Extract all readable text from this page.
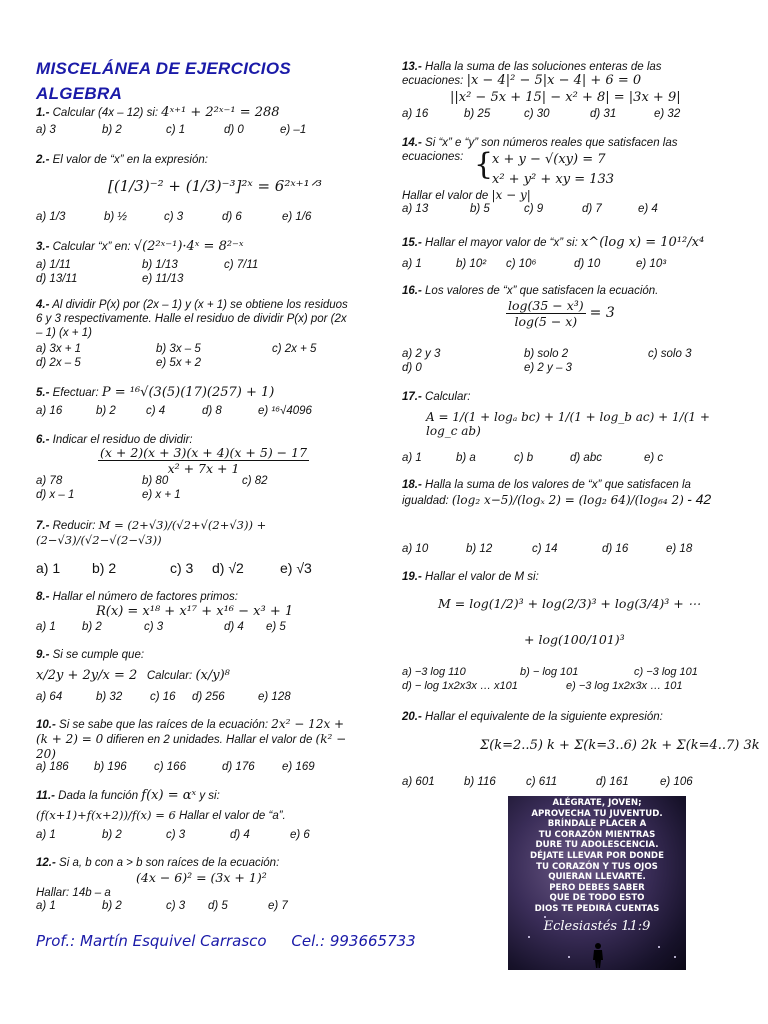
MISCELÁNEA DE EJERCICIOS
ALGEBRA
1.- Calcular (4x – 12) si: 4ˣ⁺¹ + 2²ˣ⁻¹ = 288
a) 3	b) 2	c) 1	d) 0	e) –1
2.- El valor de “x” en la expresión:
[(1/3)⁻² + (1/3)⁻³]²ˣ = 6²ˣ⁺¹ᐟ³
a) 1/3	b) ½	c) 3	d) 6	e) 1/6
3.- Calcular “x” en: √(2²ˣ⁻¹)·4ˣ = 8²⁻ˣ
a) 1/11	b) 1/13	c) 7/11
d) 13/11	e) 11/13
4.- Al dividir P(x) por (2x – 1) y (x + 1) se obtiene los residuos 6 y 3 respectivamente. Halle el residuo de dividir P(x) por (2x – 1) (x + 1)
a) 3x + 1	b) 3x – 5	c) 2x + 5
d) 2x – 5	e) 5x + 2
5.- Efectuar: P = ¹⁶√(3(5)(17)(257) + 1)
a) 16	b) 2	c) 4	d) 8	e) ¹⁶√4096
6.- Indicar el residuo de dividir:
$\frac{(x + 2)(x + 3)(x + 4)(x + 5) - 17}{\text{x² + 7x + 1}}$
a) 78	b) 80	c) 82
d) x – 1	e) x + 1
7.- Reducir: M = (2+√3)/(√2+√(2+√3)) + (2−√3)/(√2−√(2−√3))
a) 1 b) 2	c) 3 d) √2	e) √3
8.- Hallar el número de factores primos:
R(x) = x¹⁸ + x¹⁷ + x¹⁶ − x³ + 1
a) 1 b) 2	c) 3	d) 4 e) 5
9.- Si se cumple que:
x/2y + 2y/x = 2 Calcular: (x/y)⁸
a) 64	b) 32 c) 16 d) 256	e) 128
10.- Si se sabe que las raíces de la ecuación: 2x² − 12x + (k + 2) = 0 difieren en 2 unidades. Hallar el valor de (k² − 20)
a) 186 b) 196 c) 166	d) 176 e) 169
11.- Dada la función f(x) = αˣ y si:
(f(x+1)+f(x+2))/f(x) = 6 Hallar el valor de “a”.
a) 1	b) 2	c) 3	d) 4	e) 6
12.- Si a, b con a > b son raíces de la ecuación:
(4x − 6)² = (3x + 1)²
Hallar: 14b – a
a) 1	b) 2	c) 3 d) 5	e) 7
13.- Halla la suma de las soluciones enteras de las ecuaciones: |x − 4|² − 5|x − 4| + 6 = 0
||x² − 5x + 15| − x² + 8| = |3x + 9|
a) 16	b) 25	c) 30	d) 31	e) 32
14.- Si “x” e “y” son números reales que satisfacen las ecuaciones: {
x + y − √(xy) = 7
x² + y² + xy = 133
Hallar el valor de |x − y|
a) 13	b) 5	c) 9	d) 7	e) 4
15.- Hallar el mayor valor de “x” si: x^(log x) = 10¹²/x⁴
a) 1	b) 10² c) 10⁶	d) 10	e) 10³
16.- Los valores de “x” que satisfacen la ecuación.
$\frac{\text{log(35 − x³)}}{\log(5 - x)} = 3$
a) 2 y 3	b) solo 2	c) solo 3
d) 0	e) 2 y – 3
17.- Calcular:
A = 1/(1 + logₐ bc) + 1/(1 + log_b ac) + 1/(1 + log_c ab)
a) 1	b) a	c) b	d) abc	e) c
18.- Halla la suma de los valores de “x” que satisfacen la igualdad: (log₂ x−5)/(logₓ 2) = (log₂ 64)/(log₆₄ 2) - 42
a) 10	b) 12	c) 14	d) 16	e) 18
19.- Hallar el valor de M si:
M = log(1/2)³ + log(2/3)³ + log(3/4)³ + ⋯
+ log(100/101)³
a) −3 log 110	b) − log 101	c) −3 log 101
d) − log 1x2x3x … x101	e) −3 log 1x2x3x … 101
20.- Hallar el equivalente de la siguiente expresión:
Σ(k=2..5) k + Σ(k=3..6) 2k + Σ(k=4..7) 3k
a) 601	b) 116	c) 611	d) 161	e) 106
ALÉGRATE, JOVEN;
APROVECHA TU JUVENTUD.
BRÍNDALE PLACER A
TU CORAZÓN MIENTRAS
DURE TU ADOLESCENCIA.
DÉJATE LLEVAR POR DONDE
TU CORAZÓN Y TUS OJOS
QUIERAN LLEVARTE.
PERO DEBES SABER
QUE DE TODO ESTO
DIOS TE PEDIRÁ CUENTAS
Eclesiastés 11:9
Prof.: Martín Esquivel Carrasco Cel.: 993665733
